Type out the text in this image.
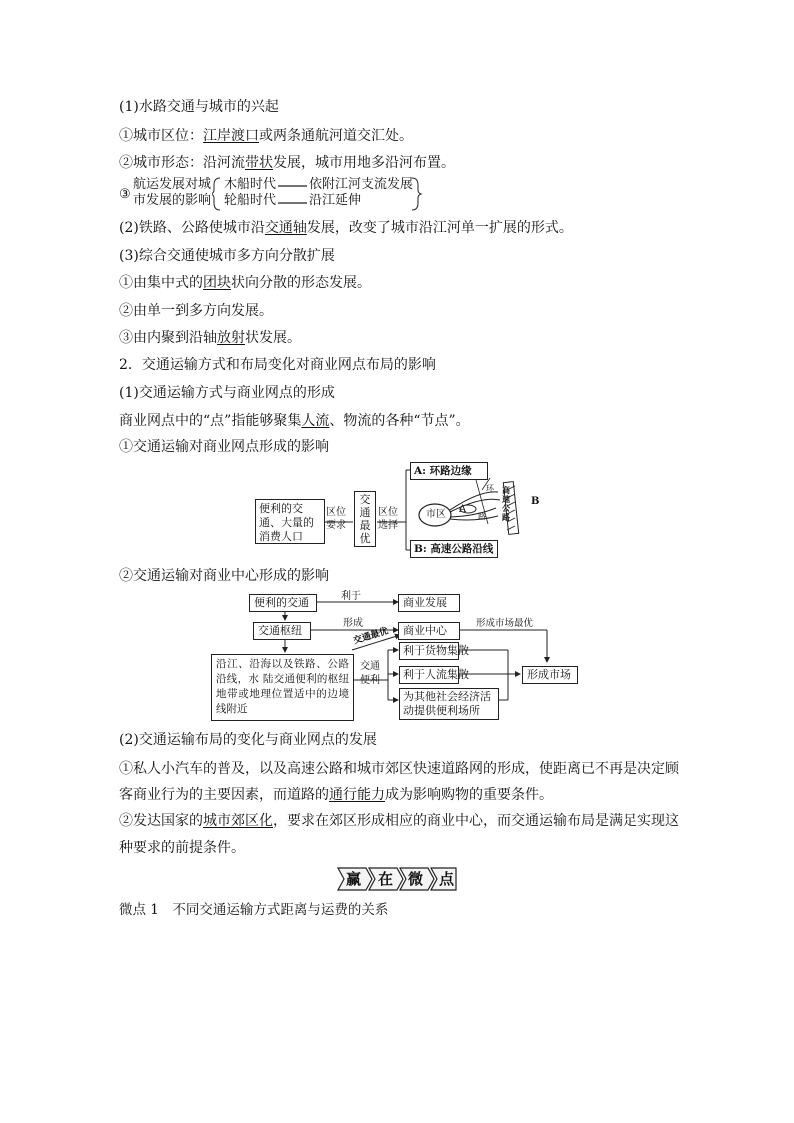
(1)水路交通与城市的兴起
①城市区位：江岸渡口或两条通航河道交汇处。
②城市形态：沿河流带状发展，城市用地多沿河布置。
③
航运发展对城
市发展的影响
木船时代	依附江河支流发展
轮船时代	沿江延伸
(2)铁路、公路使城市沿交通轴发展，改变了城市沿江河单一扩展的形式。
(3)综合交通使城市多方向分散扩展
①由集中式的团块状向分散的形态发展。
②由单一到多方向发展。
③由内聚到沿轴放射状发展。
2．交通运输方式和布局变化对商业网点布局的影响
(1)交通运输方式与商业网点的形成
商业网点中的“点”指能够聚集人流、物流的各种“节点”。
①交通运输对商业网点形成的影响
便利的交通、大量的消费人口
区位
要求
交
通
最
优
区位
选择
A: 环路边缘
B: 高速公路沿线
市区 A
B
环
路
高
速
公
路
②交通运输对商业中心形成的影响
便利的交通	利于	商业发展
交通枢纽
形成
交通最优	商业中心
形成市场最优
沿江、沿海以及铁路、公路沿线，水 陆交通便利的枢纽地带或地理位置适中的边境线附近
交通
便利
利于货物集散
利于人流集散
为其他社会经济活动提供便利场所
形成市场
(2)交通运输布局的变化与商业网点的发展
①私人小汽车的普及，以及高速公路和城市郊区快速道路网的形成，使距离已不再是决定顾
客商业行为的主要因素，而道路的通行能力成为影响购物的重要条件。
②发达国家的城市郊区化，要求在郊区形成相应的商业中心，而交通运输布局是满足实现这
种要求的前提条件。
赢 在 微 点
微点 1　不同交通运输方式距离与运费的关系
